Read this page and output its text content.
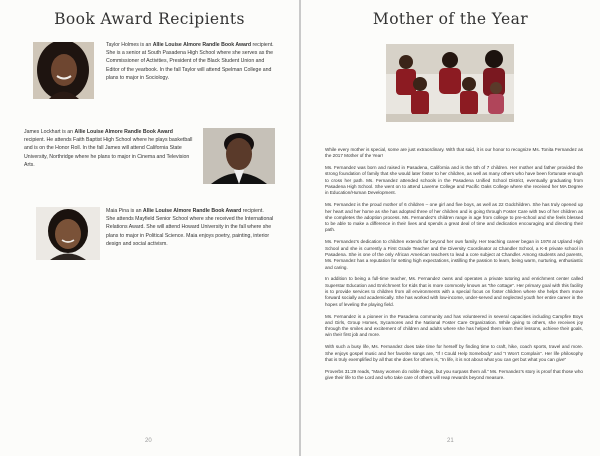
Book Award Recipients
Taylor Holmes is an Allie Louise Almore Randle Book Award recipient. She is a senior at South Pasadena High School where she serves as the Commissioner of Activities, President of the Black Student Union and Editor of the yearbook. In the fall Taylor will attend Spelman College and plans to major in Sociology.
James Lockhart is an Allie Louise Almore Randle Book Award recipient. He attends Faith Baptist High School where he plays basketball and is on the Honor Roll. In the fall James will attend California State University, Northridge where he plans to major in Cinema and Television Arts.
Maia Pina is an Allie Louise Almore Randle Book Award recipient. She attends Mayfield Senior School where she received the International Relations Award. She will attend Howard University in the fall where she plans to major in Political Science. Maia enjoys poetry, painting, interior design and social activism.
20
Mother of the Year

While every mother is special, some are just extraordinary. With that said, it is our honor to recognize Ms. Tonita Fernandez as the 2017 Mother of the Year!

Ms. Fernandez was born and raised in Pasadena, California and is the 5th of 7 children. Her mother and father provided the strong foundation of family that she would later foster to her children, as well as many others who have been fortunate enough to cross her path. Ms. Fernandez attended schools in the Pasadena Unified School District, eventually graduating from Pasadena High School. She went on to attend Laverne College and Pacific Oaks College where she received her MA Degree in Education/Human Development.

Ms. Fernandez is the proud mother of 6 children – one girl and five boys, as well as 22 Godchildren. She has truly opened up her heart and her home as she has adopted three of her children and is going through Foster Care with two of her children as she completes the adoption process. Ms. Fernandez's children range in age from college to pre-school and she feels blessed to be able to make a difference in their lives and spends a great deal of time and dedication encouraging and directing their path.

Ms. Fernandez's dedication to children extends far beyond her own family. Her teaching career began in 1978 at Upland High School and she is currently a First Grade Teacher and the Diversity Coordinator at Chandler School, a K-8 private school in Pasadena. She is one of the only African American teachers to lead a core subject at Chandler. Among students and parents, Ms. Fernandez has a reputation for setting high expectations, instilling the passion to learn, being warm, nurturing, enthusiastic and caring.

In addition to being a full-time teacher, Ms. Fernandez owns and operates a private tutoring and enrichment center called Superstar Education and Enrichment for Kids that is more commonly known as “the cottage”. Her primary goal with this facility is to provide services to children from all environments with a special focus on foster children where she helps them move forward socially and academically. She has worked with low-income, under-served and neglected youth her entire career in the hopes of leveling the playing field.

Ms. Fernandez is a pioneer in the Pasadena community and has volunteered in several capacities including Campfire Boys and Girls, Group Homes, Sycamores and the National Foster Care Organization. While giving to others, she receives joy through the smiles and excitement of children and adults where she has helped them learn their lessons, achieve their goals, win their first job and more.

With such a busy life, Ms. Fernandez does take time for herself by finding time to craft, hike, coach sports, travel and more. She enjoys gospel music and her favorite songs are, “If I Could Help Somebody” and “I Won't Complain”. Her life philosophy that is truly exemplified by all that she does for others is, “In life, it is not about what you can get but what you can give”

Proverbs 31:29 reads, “Many women do noble things, but you surpass them all.” Ms. Fernandez's story is proof that those who give their life to the Lord and who take care of others will reap rewards beyond measure.

21
